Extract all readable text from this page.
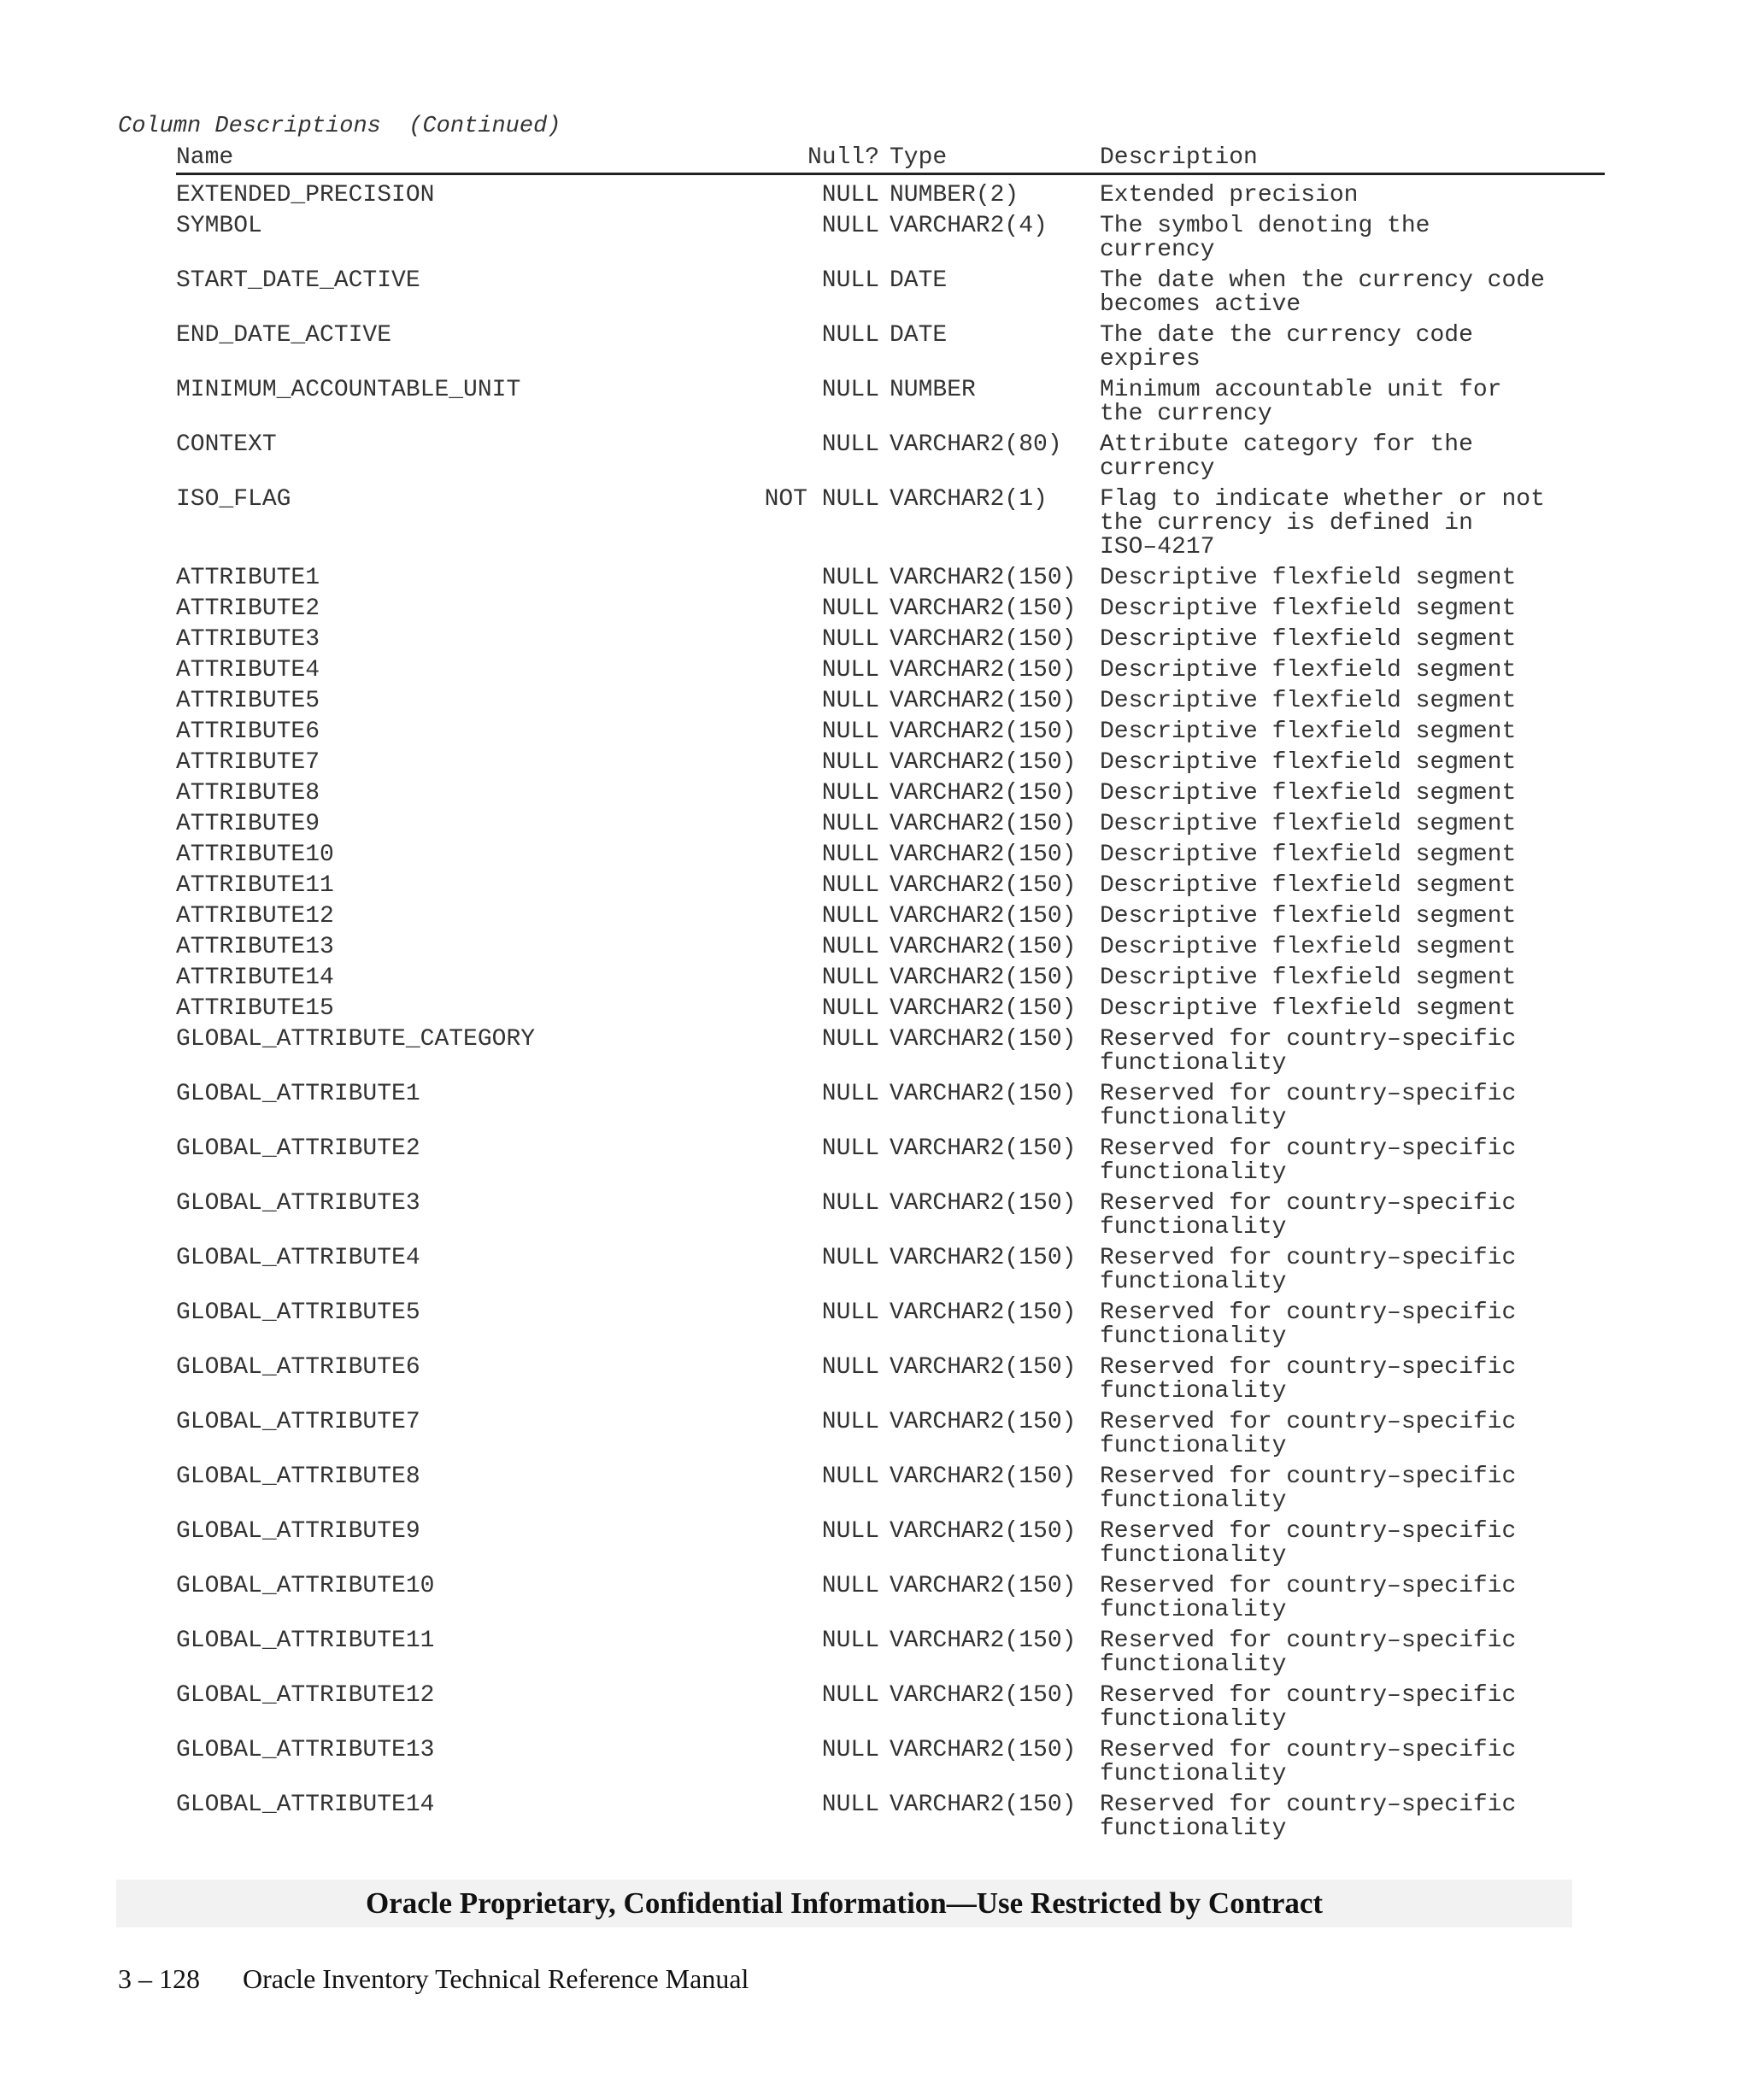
Column Descriptions  (Continued)
Name	Null? Type	Description
EXTENDED_PRECISION	NULL NUMBER(2)	Extended precision
SYMBOL	NULL VARCHAR2(4)	The symbol denoting the
currency
START_DATE_ACTIVE	NULL DATE	The date when the currency code
becomes active
END_DATE_ACTIVE	NULL DATE	The date the currency code
expires
MINIMUM_ACCOUNTABLE_UNIT	NULL NUMBER	Minimum accountable unit for
the currency
CONTEXT	NULL VARCHAR2(80)	Attribute category for the
currency
ISO_FLAG	NOT NULL VARCHAR2(1)	Flag to indicate whether or not
the currency is defined in
ISO–4217
ATTRIBUTE1	NULL VARCHAR2(150) Descriptive flexfield segment
ATTRIBUTE2	NULL VARCHAR2(150) Descriptive flexfield segment
ATTRIBUTE3	NULL VARCHAR2(150) Descriptive flexfield segment
ATTRIBUTE4	NULL VARCHAR2(150) Descriptive flexfield segment
ATTRIBUTE5	NULL VARCHAR2(150) Descriptive flexfield segment
ATTRIBUTE6	NULL VARCHAR2(150) Descriptive flexfield segment
ATTRIBUTE7	NULL VARCHAR2(150) Descriptive flexfield segment
ATTRIBUTE8	NULL VARCHAR2(150) Descriptive flexfield segment
ATTRIBUTE9	NULL VARCHAR2(150) Descriptive flexfield segment
ATTRIBUTE10	NULL VARCHAR2(150) Descriptive flexfield segment
ATTRIBUTE11	NULL VARCHAR2(150) Descriptive flexfield segment
ATTRIBUTE12	NULL VARCHAR2(150) Descriptive flexfield segment
ATTRIBUTE13	NULL VARCHAR2(150) Descriptive flexfield segment
ATTRIBUTE14	NULL VARCHAR2(150) Descriptive flexfield segment
ATTRIBUTE15	NULL VARCHAR2(150) Descriptive flexfield segment
GLOBAL_ATTRIBUTE_CATEGORY	NULL VARCHAR2(150) Reserved for country–specific
functionality
GLOBAL_ATTRIBUTE1	NULL VARCHAR2(150) Reserved for country–specific
functionality
GLOBAL_ATTRIBUTE2	NULL VARCHAR2(150) Reserved for country–specific
functionality
GLOBAL_ATTRIBUTE3	NULL VARCHAR2(150) Reserved for country–specific
functionality
GLOBAL_ATTRIBUTE4	NULL VARCHAR2(150) Reserved for country–specific
functionality
GLOBAL_ATTRIBUTE5	NULL VARCHAR2(150) Reserved for country–specific
functionality
GLOBAL_ATTRIBUTE6	NULL VARCHAR2(150) Reserved for country–specific
functionality
GLOBAL_ATTRIBUTE7	NULL VARCHAR2(150) Reserved for country–specific
functionality
GLOBAL_ATTRIBUTE8	NULL VARCHAR2(150) Reserved for country–specific
functionality
GLOBAL_ATTRIBUTE9	NULL VARCHAR2(150) Reserved for country–specific
functionality
GLOBAL_ATTRIBUTE10	NULL VARCHAR2(150) Reserved for country–specific
functionality
GLOBAL_ATTRIBUTE11	NULL VARCHAR2(150) Reserved for country–specific
functionality
GLOBAL_ATTRIBUTE12	NULL VARCHAR2(150) Reserved for country–specific
functionality
GLOBAL_ATTRIBUTE13	NULL VARCHAR2(150) Reserved for country–specific
functionality
GLOBAL_ATTRIBUTE14	NULL VARCHAR2(150) Reserved for country–specific
functionality
Oracle Proprietary, Confidential Information––Use Restricted by Contract
3 – 128 Oracle Inventory Technical Reference Manual
